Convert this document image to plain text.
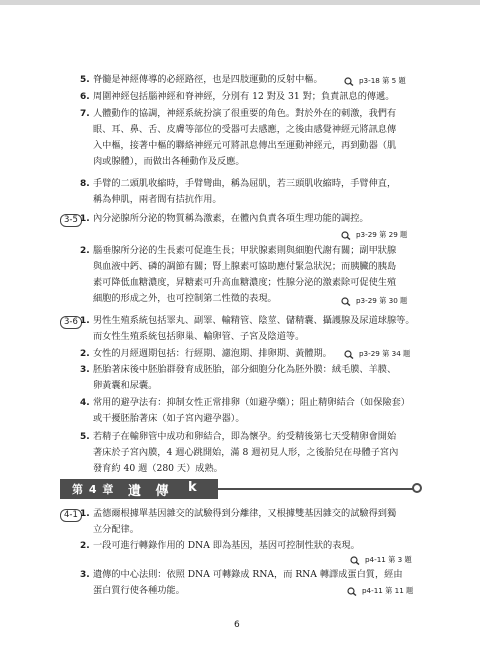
5. 脊髓是神經傳導的必經路徑，也是四肢運動的反射中樞。	p3-18 第 5 題
6. 周圍神經包括腦神經和脊神經，分別有 12 對及 31 對；負責訊息的傳遞。
7. 人體動作的協調，神經系統扮演了很重要的角色。對於外在的刺激，我們有
眼、耳、鼻、舌、皮膚等部位的受器可去感應，之後由感覺神經元將訊息傳
入中樞，接著中樞的聯絡神經元可將訊息傳出至運動神經元，再到動器（肌
肉或腺體），而做出各種動作及反應。
8. 手臂的二頭肌收縮時，手臂彎曲，稱為屈肌，若三頭肌收縮時，手臂伸直，
稱為伸肌，兩者間有拮抗作用。
3-5 1. 內分泌腺所分泌的物質稱為激素，在體內負責各項生理功能的調控。
p3-29 第 29 題
2. 腦垂腺所分泌的生長素可促進生長；甲狀腺素則與細胞代謝有關；副甲狀腺
與血液中鈣、磷的調節有關；腎上腺素可協助應付緊急狀況；而胰臟的胰島
素可降低血糖濃度，昇糖素可升高血糖濃度；性腺分泌的激素除可促使生殖
細胞的形成之外，也可控制第二性徵的表現。	p3-29 第 30 題
3-6 1. 男性生殖系統包括睪丸、副睪、輸精管、陰莖、儲精囊、攝護腺及尿道球腺等。
而女性生殖系統包括卵巢、輸卵管、子宮及陰道等。
2. 女性的月經週期包括：行經期、濾泡期、排卵期、黃體期。	p3-29 第 34 題
3. 胚胎著床後中胚胎群發育成胚胎，部分細胞分化為胚外膜：絨毛膜、羊膜、
卵黃囊和尿囊。
4. 常用的避孕法有：抑制女性正常排卵（如避孕藥）；阻止精卵結合（如保險套）
或干擾胚胎著床（如子宮內避孕器）。
5. 若精子在輸卵管中成功和卵結合，即為懷孕。約受精後第七天受精卵會開始
著床於子宮內膜，4 週心跳開始，滿 8 週初見人形，之後胎兒在母體子宮內
發育約 40 週（280 天）成熟。
第 4 章 遺 傳 k
4-1 1. 孟德爾根據單基因雜交的試驗得到分離律，又根據雙基因雜交的試驗得到獨
立分配律。
2. 一段可進行轉錄作用的 DNA 即為基因，基因可控制性狀的表現。
p4-11 第 3 題
3. 遺傳的中心法則：依照 DNA 可轉錄成 RNA，而 RNA 轉譯成蛋白質，經由
蛋白質行使各種功能。	p4-11 第 11 題
6
